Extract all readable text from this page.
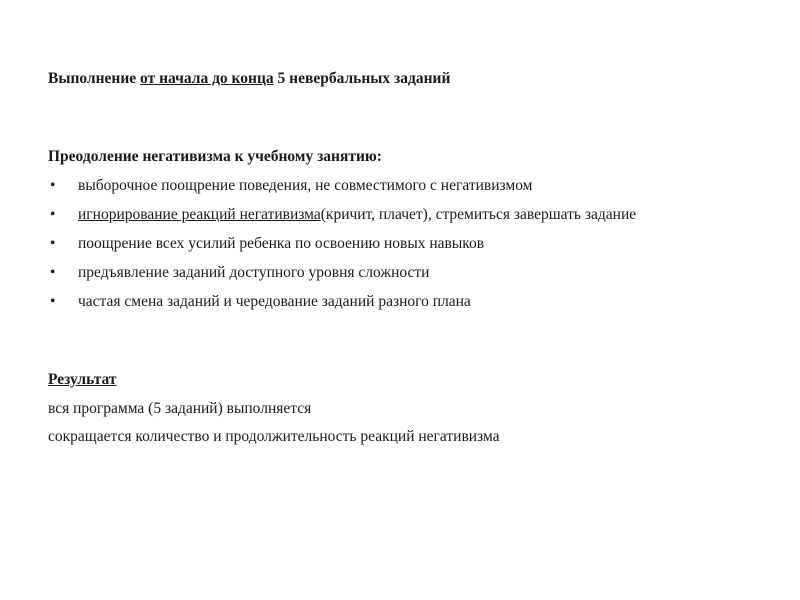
Выполнение от начала до конца 5 невербальных заданий
Преодоление негативизма к учебному занятию:
• выборочное поощрение поведения, не совместимого с негативизмом
• игнорирование реакций негативизма(кричит, плачет), стремиться завершать задание
• поощрение всех усилий ребенка по освоению новых навыков
• предъявление заданий доступного уровня сложности
• частая смена заданий и чередование заданий разного плана
Результат
вся программа (5 заданий) выполняется
сокращается количество и продолжительность реакций негативизма
